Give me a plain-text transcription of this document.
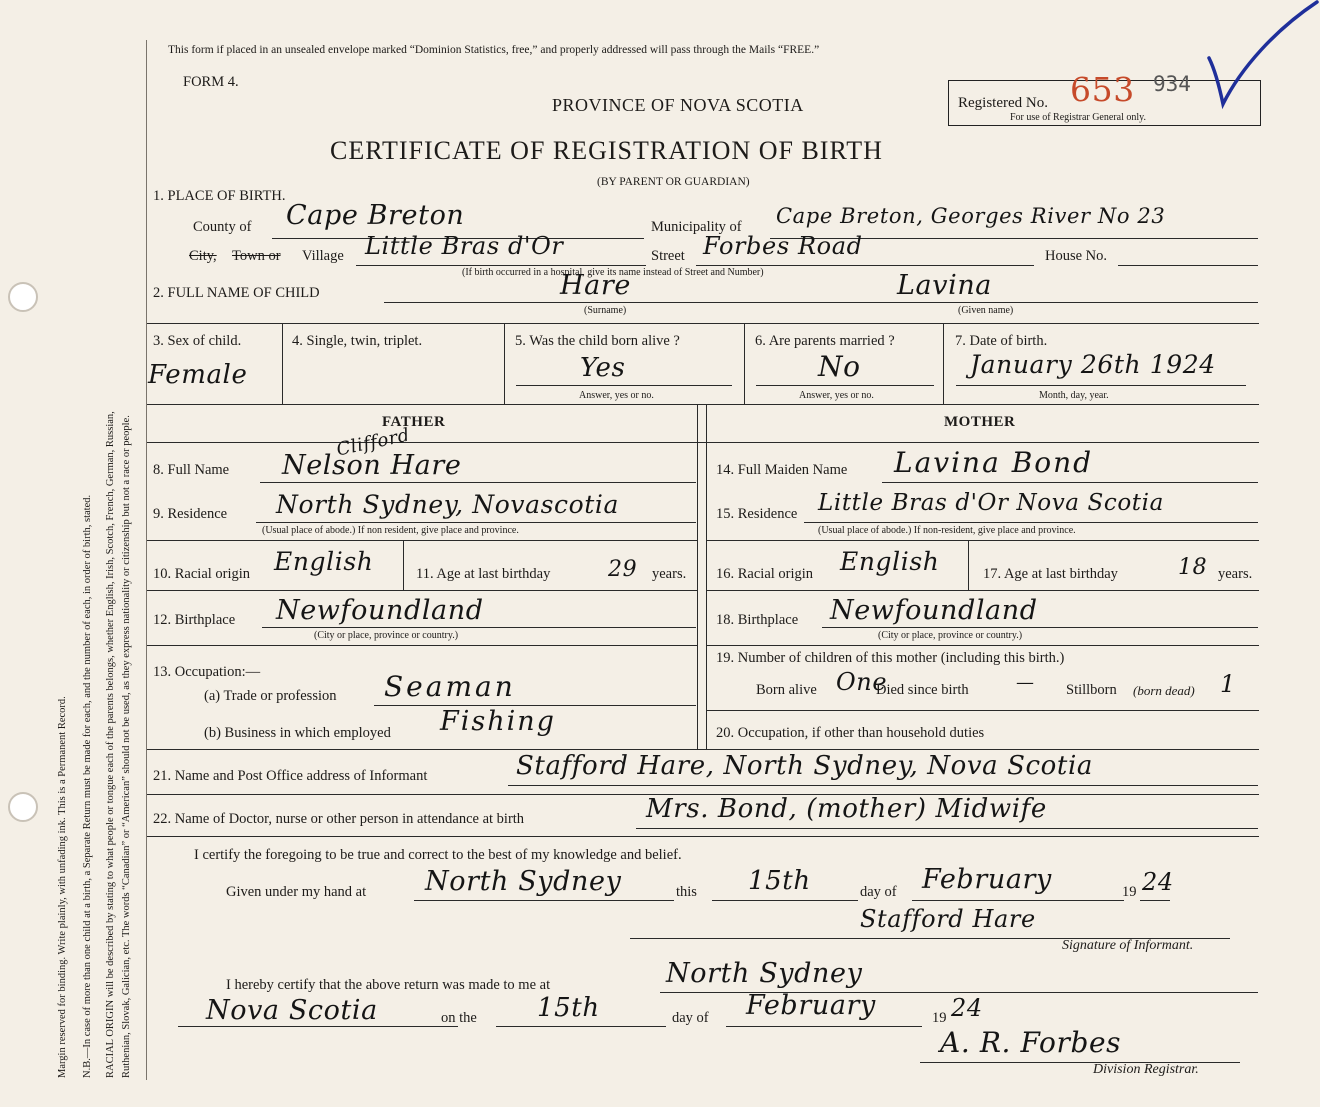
Margin reserved for binding. Write plainly, with unfading ink. This is a Permanent Record. N.B.—In case of more than one child at a birth, a Separate Return must be made for each, and the number of each, in order of birth, stated. RACIAL ORIGIN will be described by stating to what people or tongue each of the parents belongs, whether English, Irish, Scotch, French, German, Russian, Ruthenian, Slovak, Galician, etc. The words “Canadian” or “American” should not be used, as they express nationality or citizenship but not a race or people.
This form if placed in an unsealed envelope marked “Dominion Statistics, free,” and properly addressed will pass through the Mails “FREE.”
FORM 4.
PROVINCE OF NOVA SCOTIA
CERTIFICATE OF REGISTRATION OF BIRTH
(BY PARENT OR GUARDIAN)
Registered No. 653 934
For use of Registrar General only.
1. PLACE OF BIRTH.
County of Cape Breton	Municipality of Cape Breton, Georges River No 23
City, Town or Village Little Bras d'Or	Street Forbes Road	House No.
(If birth occurred in a hospital, give its name instead of Street and Number)
2. FULL NAME OF CHILD	Hare	Lavina
(Surname)	(Given name)
3. Sex of child.
Female
4. Single, twin, triplet.	5. Was the child born alive ?
Yes
Answer, yes or no.
6. Are parents married ?
No
Answer, yes or no.
7. Date of birth.
January 26th 1924
Month, day, year.
FATHER	MOTHER
8. Full Name
Clifford
Nelson Hare
9. Residence North Sydney, Novascotia
(Usual place of abode.) If non resident, give place and province.
10. Racial origin English	11. Age at last birthday	29 years.
12. Birthplace Newfoundland
(City or place, province or country.)
13. Occupation:—
(a) Trade or profession Seaman
(b) Business in which employed Fishing
14. Full Maiden Name Lavina Bond
15. Residence Little Bras d'Or Nova Scotia
(Usual place of abode.) If non-resident, give place and province.
16. Racial origin English	17. Age at last birthday	18 years.
18. Birthplace Newfoundland
(City or place, province or country.)
19. Number of children of this mother (including this birth.)
Born alive One
Died since birth	— Stillborn (born dead) 1
20. Occupation, if other than household duties
21. Name and Post Office address of Informant	Stafford Hare, North Sydney, Nova Scotia
22. Name of Doctor, nurse or other person in attendance at birth	Mrs. Bond, (mother) Midwife
I certify the foregoing to be true and correct to the best of my knowledge and belief.
Given under my hand at North Sydney	this 15th	day of February	19 24
Stafford Hare
Signature of Informant.
I hereby certify that the above return was made to me at	North Sydney
Nova Scotia	on the 15th	day of February	19 24
A. R. Forbes
Division Registrar.
